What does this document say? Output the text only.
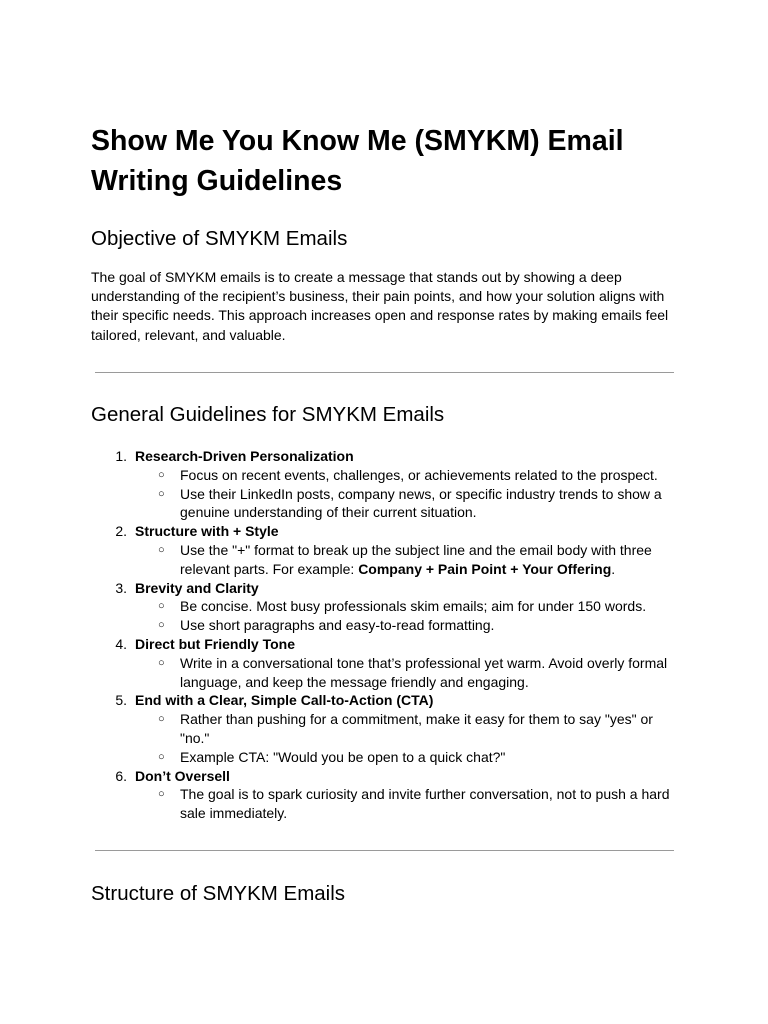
Show Me You Know Me (SMYKM) Email Writing Guidelines
Objective of SMYKM Emails

The goal of SMYKM emails is to create a message that stands out by showing a deep understanding of the recipient’s business, their pain points, and how your solution aligns with their specific needs. This approach increases open and response rates by making emails feel tailored, relevant, and valuable.

General Guidelines for SMYKM Emails
1. Research-Driven Personalization
○ Focus on recent events, challenges, or achievements related to the prospect.
○ Use their LinkedIn posts, company news, or specific industry trends to show a genuine understanding of their current situation.
2. Structure with + Style
○ Use the "+" format to break up the subject line and the email body with three relevant parts. For example: Company + Pain Point + Your Offering.
3. Brevity and Clarity
○ Be concise. Most busy professionals skim emails; aim for under 150 words.
○ Use short paragraphs and easy-to-read formatting.
4. Direct but Friendly Tone
○ Write in a conversational tone that’s professional yet warm. Avoid overly formal language, and keep the message friendly and engaging.
5. End with a Clear, Simple Call-to-Action (CTA)
○ Rather than pushing for a commitment, make it easy for them to say "yes" or "no."
○ Example CTA: "Would you be open to a quick chat?"
6. Don’t Oversell
○ The goal is to spark curiosity and invite further conversation, not to push a hard sale immediately.
Structure of SMYKM Emails
